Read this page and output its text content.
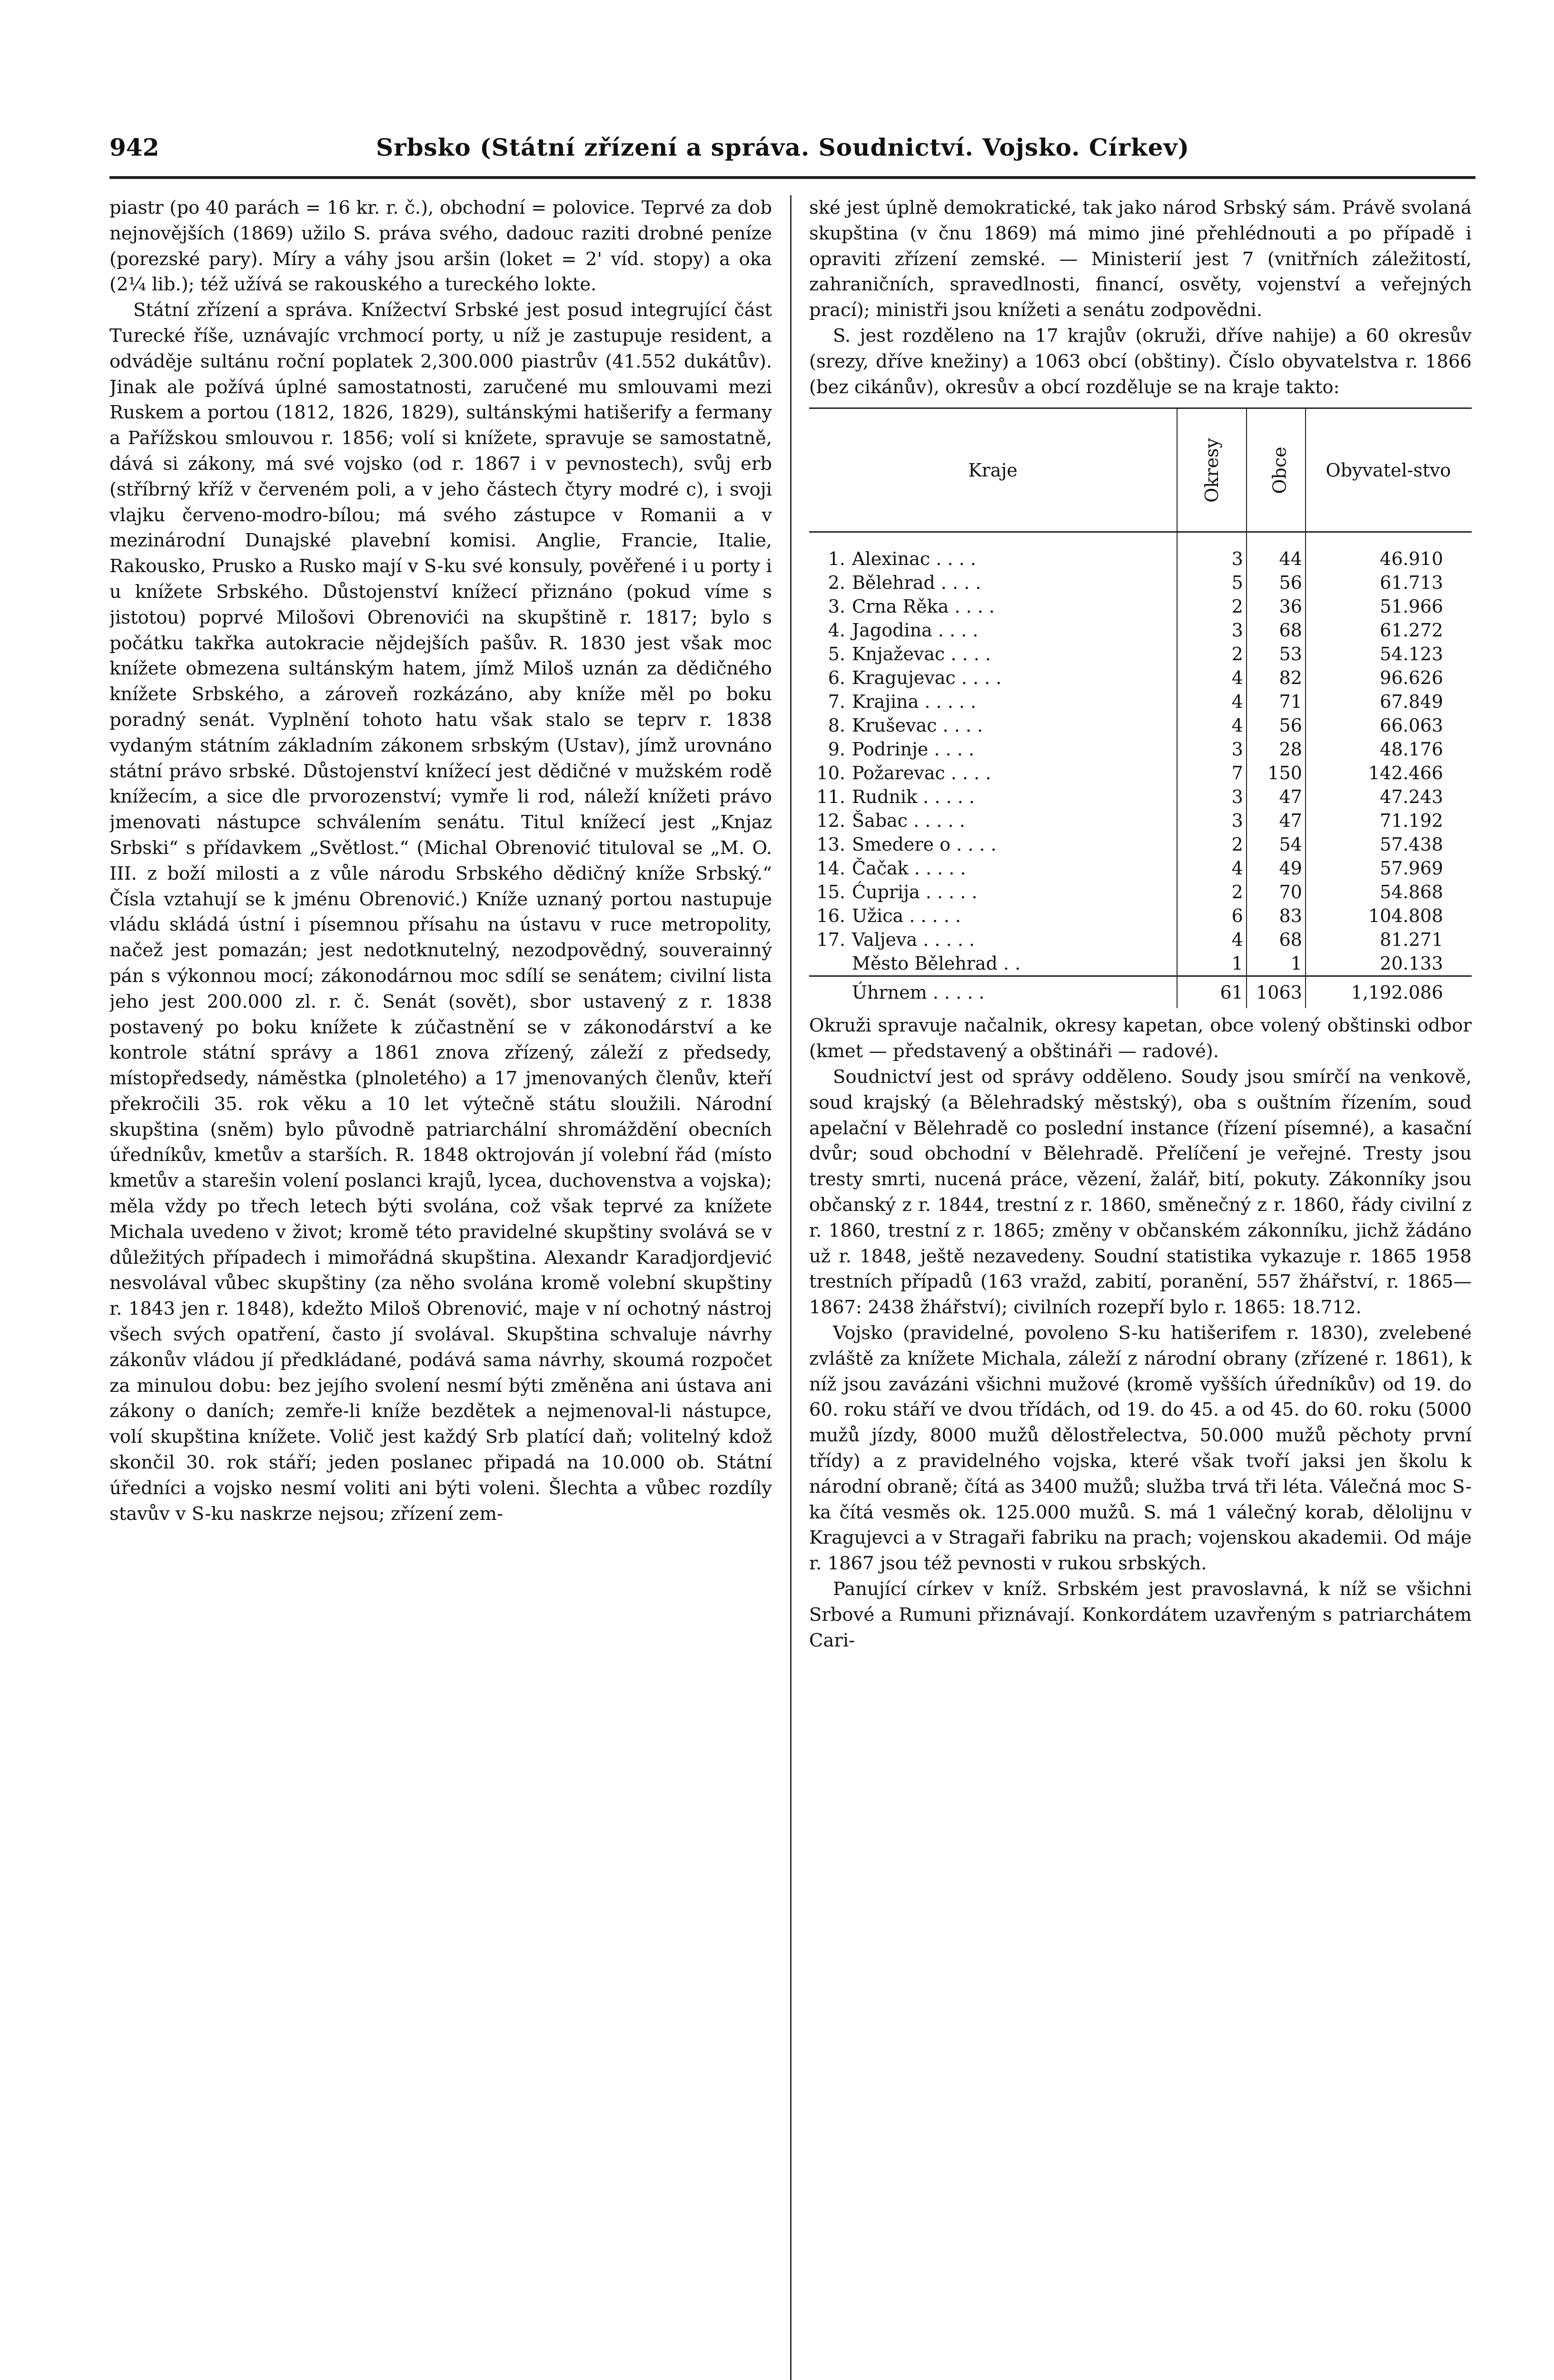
942	Srbsko (Státní zřízení a správa. Soudnictví. Vojsko. Církev)

piastr (po 40 parách = 16 kr. r. č.), obchodní = polovice. Teprvé za dob nejnovějších (1869) užilo S. práva svého, dadouc raziti drobné peníze (porezské pary). Míry a váhy jsou aršin (loket = 2' víd. stopy) a oka (2¼ lib.); též užívá se rakouského a tureckého lokte.

Státní zřízení a správa. Knížectví Srbské jest posud integrující část Turecké říše, uznávajíc vrchmocí porty, u níž je zastupuje resident, a odváděje sultánu roční poplatek 2,300.000 piastrův (41.552 dukátův). Jinak ale požívá úplné samostatnosti, zaručené mu smlouvami mezi Ruskem a portou (1812, 1826, 1829), sultánskými hatišerify a fermany a Pařížskou smlouvou r. 1856; volí si knížete, spravuje se samostatně, dává si zákony, má své vojsko (od r. 1867 i v pevnostech), svůj erb (stříbrný kříž v červeném poli, a v jeho částech čtyry modré c), i svoji vlajku červeno-modro-bílou; má svého zástupce v Romanii a v mezinárodní Dunajské plavební komisi. Anglie, Francie, Italie, Rakousko, Prusko a Rusko mají v S-ku své konsuly, pověřené i u porty i u knížete Srbského. Důstojenství knížecí přiznáno (pokud víme s jistotou) poprvé Milošovi Obrenovići na skupštině r. 1817; bylo s počátku takřka autokracie nějdejších pašův. R. 1830 jest však moc knížete obmezena sultánským hatem, jímž Miloš uznán za dědičného knížete Srbského, a zároveň rozkázáno, aby kníže měl po boku poradný senát. Vyplnění tohoto hatu však stalo se teprv r. 1838 vydaným státním základním zákonem srbským (Ustav), jímž urovnáno státní právo srbské. Důstojenství knížecí jest dědičné v mužském rodě knížecím, a sice dle prvorozenství; vymře li rod, náleží knížeti právo jmenovati nástupce schválením senátu. Titul knížecí jest „Knjaz Srbski“ s přídavkem „Světlost.“ (Michal Obrenović tituloval se „M. O. III. z boží milosti a z vůle národu Srbského dědičný kníže Srbský.“ Čísla vztahují se k jménu Obrenović.) Kníže uznaný portou nastupuje vládu skládá ústní i písemnou přísahu na ústavu v ruce metropolity, načež jest pomazán; jest nedotknutelný, nezodpovědný, souverainný pán s výkonnou mocí; zákonodárnou moc sdílí se senátem; civilní lista jeho jest 200.000 zl. r. č. Senát (sovět), sbor ustavený z r. 1838 postavený po boku knížete k zúčastnění se v zákonodárství a ke kontrole státní správy a 1861 znova zřízený, záleží z předsedy, místopředsedy, náměstka (plnoletého) a 17 jmenovaných členův, kteří překročili 35. rok věku a 10 let výtečně státu sloužili. Národní skupština (sněm) bylo původně patriarchální shromáždění obecních úředníkův, kmetův a starších. R. 1848 oktrojován jí volební řád (místo kmetův a starešin volení poslanci krajů, lycea, duchovenstva a vojska); měla vždy po třech letech býti svolána, což však teprvé za knížete Michala uvedeno v život; kromě této pravidelné skupštiny svolává se v důležitých případech i mimořádná skupština. Alexandr Karadjordjević nesvolával vůbec skupštiny (za něho svolána kromě volební skupštiny r. 1843 jen r. 1848), kdežto Miloš Obrenović, maje v ní ochotný nástroj všech svých opatření, často jí svolával. Skupština schvaluje návrhy zákonův vládou jí předkládané, podává sama návrhy, skoumá rozpočet za minulou dobu: bez jejího svolení nesmí býti změněna ani ústava ani zákony o daních; zemře-li kníže bezdětek a nejmenoval-li nástupce, volí skupština knížete. Volič jest každý Srb platící daň; volitelný kdož skončil 30. rok stáří; jeden poslanec připadá na 10.000 ob. Státní úředníci a vojsko nesmí voliti ani býti voleni. Šlechta a vůbec rozdíly stavův v S-ku naskrze nejsou; zřízení zem-

ské jest úplně demokratické, tak jako národ Srbský sám. Právě svolaná skupština (v čnu 1869) má mimo jiné přehlédnouti a po případě i opraviti zřízení zemské. — Ministerií jest 7 (vnitřních záležitostí, zahraničních, spravedlnosti, financí, osvěty, vojenství a veřejných prací); ministři jsou knížeti a senátu zodpovědni.

S. jest rozděleno na 17 krajův (okruži, dříve nahije) a 60 okresův (srezy, dříve knežiny) a 1063 obcí (obštiny). Číslo obyvatelstva r. 1866 (bez cikánův), okresův a obcí rozděluje se na kraje takto:

Kraje	Okresy	Obce	Obyvatel-stvo
1. Alexinac . . . .	3	44	46.910
2. Bělehrad . . . .	5	56	61.713
3. Crna Rěka . . . .	2	36	51.966
4. Jagodina . . . .	3	68	61.272
5. Knjaževac . . . .	2	53	54.123
6. Kragujevac . . . .	4	82	96.626
7. Krajina . . . . .	4	71	67.849
8. Kruševac . . . .	4	56	66.063
9. Podrinje . . . .	3	28	48.176
10. Požarevac . . . .	7	150	142.466
11. Rudnik . . . . .	3	47	47.243
12. Šabac . . . . .	3	47	71.192
13. Smedere o . . . .	2	54	57.438
14. Čačak . . . . .	4	49	57.969
15. Ćuprija . . . . .	2	70	54.868
16. Užica . . . . .	6	83	104.808
17. Valjeva . . . . .	4	68	81.271
Město Bělehrad . .	1	1	20.133
Úhrnem . . . . .	61	1063	1,192.086

Okruži spravuje načalnik, okresy kapetan, obce volený obštinski odbor (kmet — představený a obštináři — radové).

Soudnictví jest od správy odděleno. Soudy jsou smírčí na venkově, soud krajský (a Bělehradský městský), oba s ouštním řízením, soud apelační v Bělehradě co poslední instance (řízení písemné), a kasační dvůr; soud obchodní v Bělehradě. Přelíčení je veřejné. Tresty jsou tresty smrti, nucená práce, vězení, žalář, bití, pokuty. Zákonníky jsou občanský z r. 1844, trestní z r. 1860, směnečný z r. 1860, řády civilní z r. 1860, trestní z r. 1865; změny v občanském zákonníku, jichž žádáno už r. 1848, ještě nezavedeny. Soudní statistika vykazuje r. 1865 1958 trestních případů (163 vražd, zabití, poranění, 557 žhářství, r. 1865—1867: 2438 žhářství); civilních rozepří bylo r. 1865: 18.712.

Vojsko (pravidelné, povoleno S-ku hatišerifem r. 1830), zvelebené zvláště za knížete Michala, záleží z národní obrany (zřízené r. 1861), k níž jsou zavázáni všichni mužové (kromě vyšších úředníkův) od 19. do 60. roku stáří ve dvou třídách, od 19. do 45. a od 45. do 60. roku (5000 mužů jízdy, 8000 mužů dělostřelectva, 50.000 mužů pěchoty první třídy) a z pravidelného vojska, které však tvoří jaksi jen školu k národní obraně; čítá as 3400 mužů; služba trvá tři léta. Válečná moc S-ka čítá vesměs ok. 125.000 mužů. S. má 1 válečný korab, dělolijnu v Kragujevci a v Stragaři fabriku na prach; vojenskou akademii. Od máje r. 1867 jsou též pevnosti v rukou srbských.

Panující církev v kníž. Srbském jest pravoslavná, k níž se všichni Srbové a Rumuni přiznávají. Konkordátem uzavřeným s patriarchátem Cari-
